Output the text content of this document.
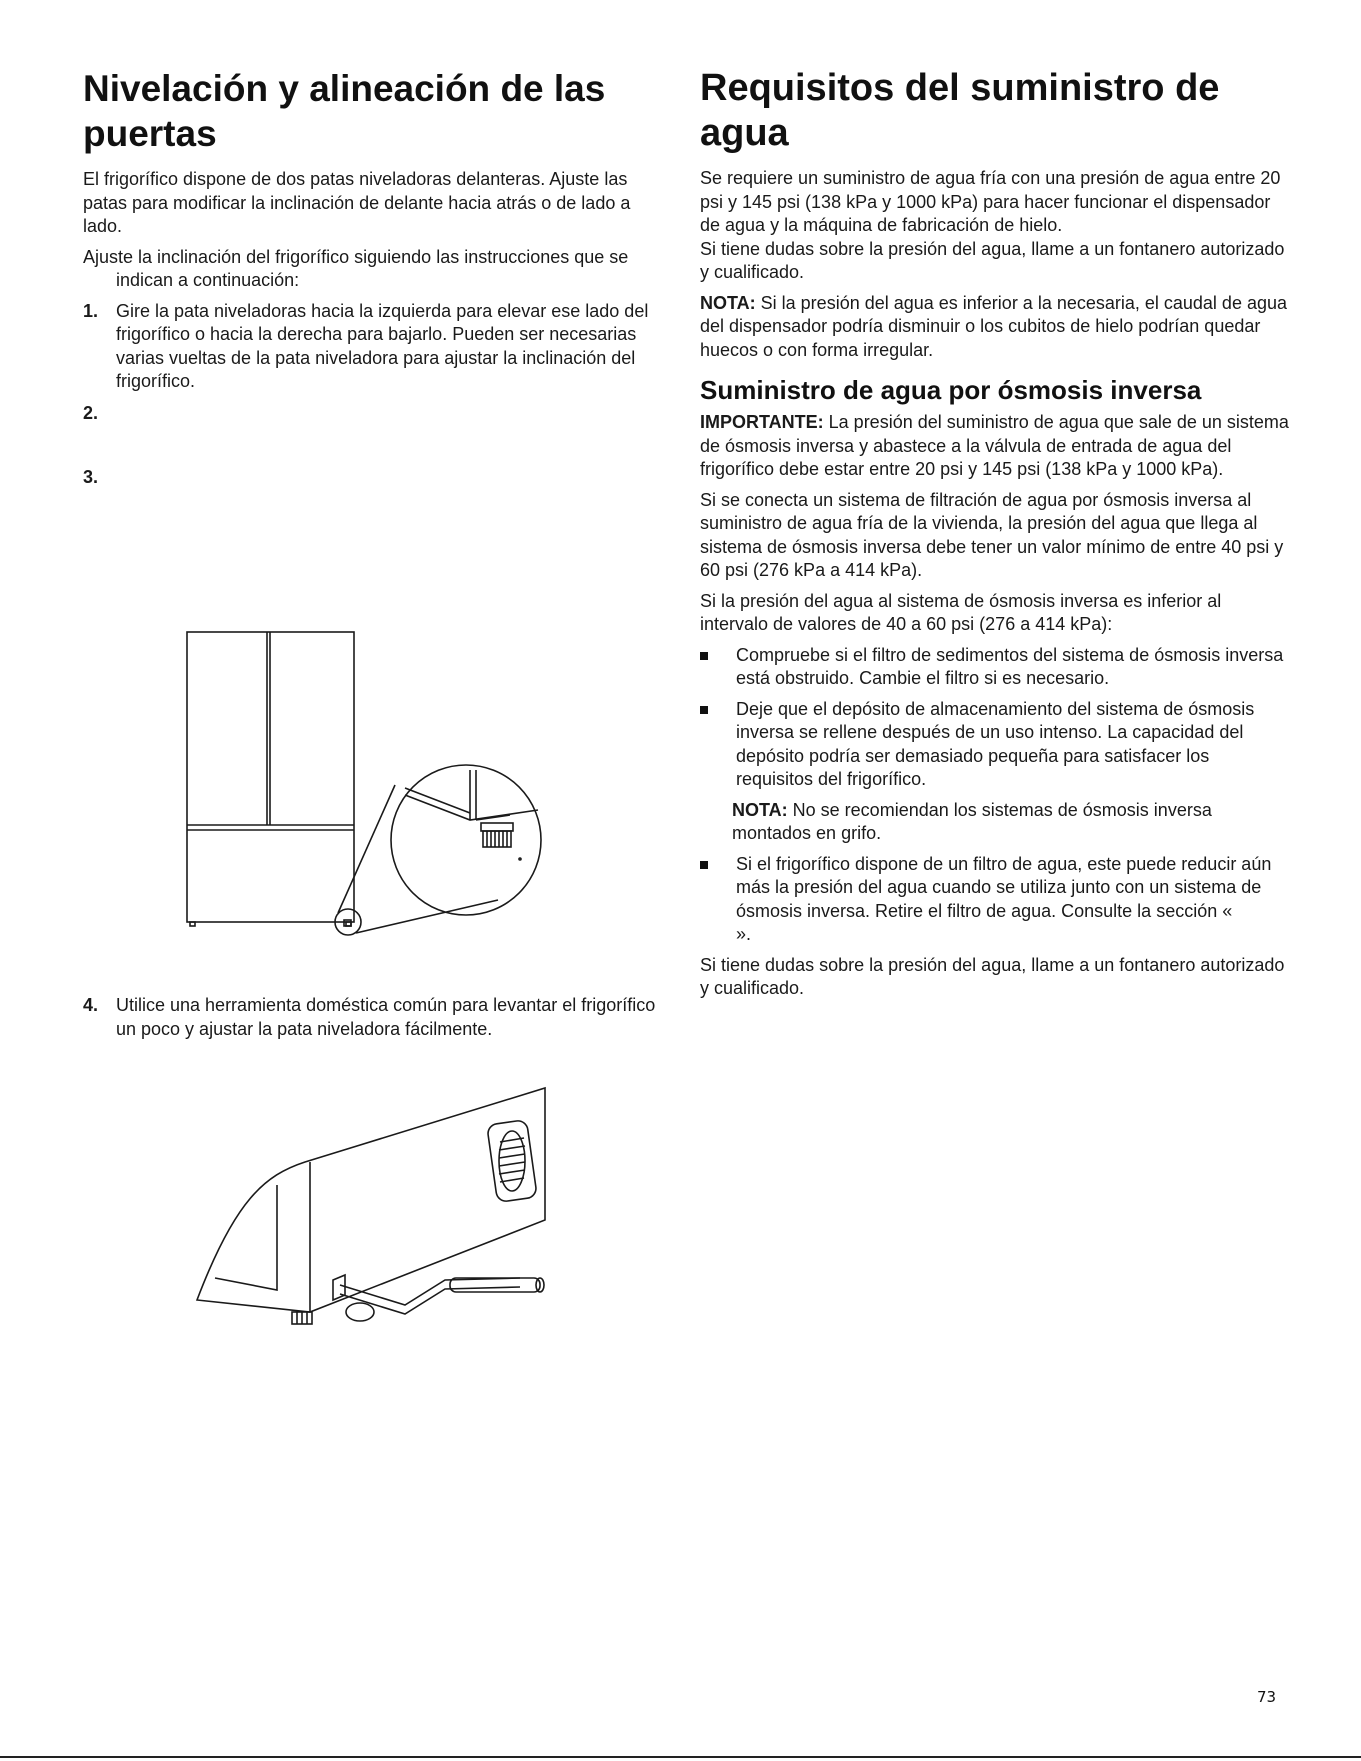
Nivelación y alineación de las puertas

El frigorífico dispone de dos patas niveladoras delanteras. Ajuste las patas para modificar la inclinación de delante hacia atrás o de lado a lado.

Ajuste la inclinación del frigorífico siguiendo las instrucciones que se indican a continuación:

1. Gire la pata niveladoras hacia la izquierda para elevar ese lado del frigorífico o hacia la derecha para bajarlo. Pueden ser necesarias varias vueltas de la pata niveladora para ajustar la inclinación del frigorífico.
2.
3.
4. Utilice una herramienta doméstica común para levantar el frigorífico un poco y ajustar la pata niveladora fácilmente.
Requisitos del suministro de agua

Se requiere un suministro de agua fría con una presión de agua entre 20 psi y 145 psi (138 kPa y 1000 kPa) para hacer funcionar el dispensador de agua y la máquina de fabricación de hielo.

Si tiene dudas sobre la presión del agua, llame a un fontanero autorizado y cualificado.

NOTA: Si la presión del agua es inferior a la necesaria, el caudal de agua del dispensador podría disminuir o los cubitos de hielo podrían quedar huecos o con forma irregular.

Suministro de agua por ósmosis inversa

IMPORTANTE: La presión del suministro de agua que sale de un sistema de ósmosis inversa y abastece a la válvula de entrada de agua del frigorífico debe estar entre 20 psi y 145 psi (138 kPa y 1000 kPa).

Si se conecta un sistema de filtración de agua por ósmosis inversa al suministro de agua fría de la vivienda, la presión del agua que llega al sistema de ósmosis inversa debe tener un valor mínimo de entre 40 psi y 60 psi (276 kPa a 414 kPa).

Si la presión del agua al sistema de ósmosis inversa es inferior al intervalo de valores de 40 a 60 psi (276 a 414 kPa):

Compruebe si el filtro de sedimentos del sistema de ósmosis inversa está obstruido. Cambie el filtro si es necesario.
Deje que el depósito de almacenamiento del sistema de ósmosis inversa se rellene después de un uso intenso. La capacidad del depósito podría ser demasiado pequeña para satisfacer los requisitos del frigorífico.

NOTA: No se recomiendan los sistemas de ósmosis inversa montados en grifo.

Si el frigorífico dispone de un filtro de agua, este puede reducir aún más la presión del agua cuando se utiliza junto con un sistema de ósmosis inversa. Retire el filtro de agua. Consulte la sección «                        ».

Si tiene dudas sobre la presión del agua, llame a un fontanero autorizado y cualificado.

73
